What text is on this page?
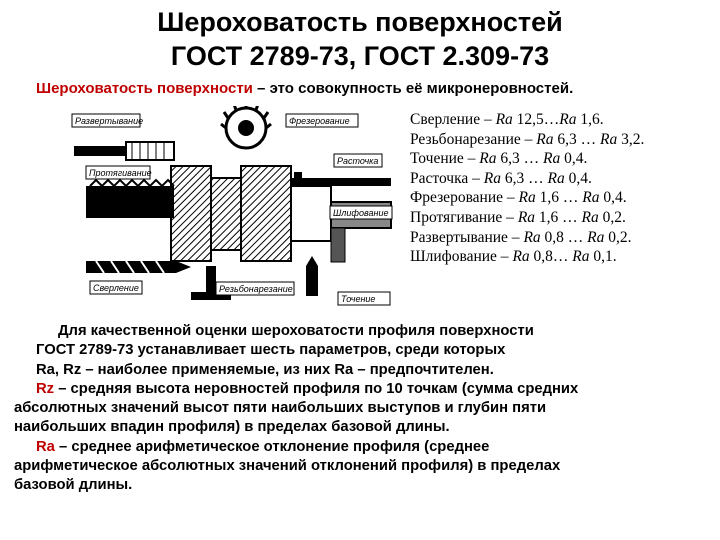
Шероховатость поверхностей
ГОСТ 2789-73, ГОСТ 2.309-73
Шероховатость поверхности – это совокупность её микронеровностей.
Развертывание
Протягивание
Сверление
Фрезерование
Расточка
Шлифование
Резьбонарезание
Точение
Сверление – Ra 12,5…Ra 1,6.
Резьбонарезание – Ra 6,3 … Ra 3,2.
Точение – Ra 6,3 … Ra 0,4.
Расточка – Ra 6,3 … Ra 0,4.
Фрезерование – Ra 1,6 … Ra 0,4.
Протягивание – Ra 1,6 … Ra 0,2.
Развертывание – Ra 0,8 … Ra 0,2.
Шлифование – Ra 0,8… Ra 0,1.

Для качественной оценки шероховатости профиля поверхности

ГОСТ 2789-73 устанавливает шесть параметров, среди которых

Ra, Rz – наиболее применяемые, из них Ra – предпочтителен.

Rz – средняя высота неровностей профиля по 10 точкам (сумма средних

абсолютных значений высот пяти наибольших выступов и глубин пяти

наибольших впадин профиля) в пределах базовой длины.

Ra – среднее арифметическое отклонение профиля (среднее

арифметическое абсолютных значений отклонений профиля) в пределах

базовой длины.
